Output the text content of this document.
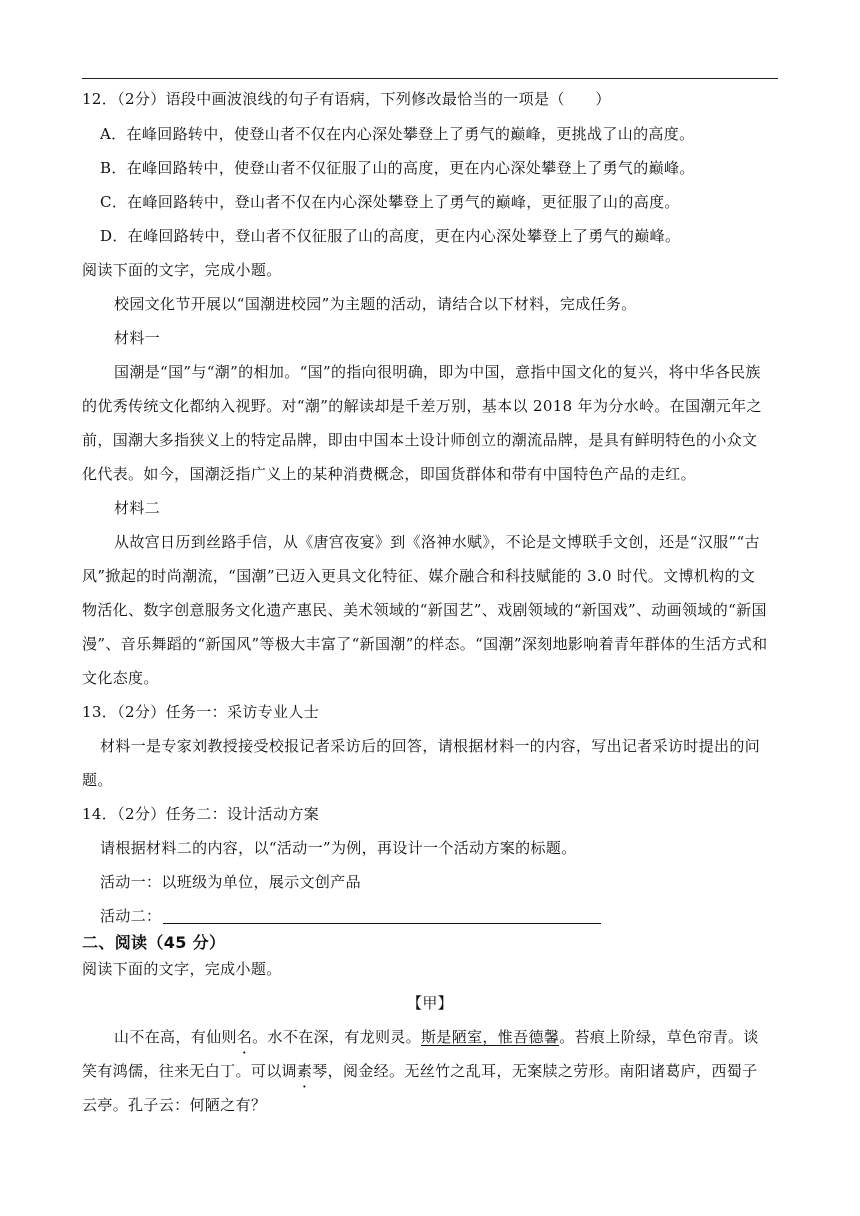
12．（2分）语段中画波浪线的句子有语病，下列修改最恰当的一项是（　　）
A．在峰回路转中，使登山者不仅在内心深处攀登上了勇气的巅峰，更挑战了山的高度。
B．在峰回路转中，使登山者不仅征服了山的高度，更在内心深处攀登上了勇气的巅峰。
C．在峰回路转中，登山者不仅在内心深处攀登上了勇气的巅峰，更征服了山的高度。
D．在峰回路转中，登山者不仅征服了山的高度，更在内心深处攀登上了勇气的巅峰。
阅读下面的文字，完成小题。
校园文化节开展以“国潮进校园”为主题的活动，请结合以下材料，完成任务。
材料一
国潮是“国”与“潮”的相加。“国”的指向很明确，即为中国，意指中国文化的复兴，将中华各民族
的优秀传统文化都纳入视野。对“潮”的解读却是千差万别，基本以 2018 年为分水岭。在国潮元年之
前，国潮大多指狭义上的特定品牌，即由中国本土设计师创立的潮流品牌，是具有鲜明特色的小众文
化代表。如今，国潮泛指广义上的某种消费概念，即国货群体和带有中国特色产品的走红。
材料二
从故宫日历到丝路手信，从《唐宫夜宴》到《洛神水赋》，不论是文博联手文创，还是“汉服”“古
风”掀起的时尚潮流，“国潮”已迈入更具文化特征、媒介融合和科技赋能的 3.0 时代。文博机构的文
物活化、数字创意服务文化遗产惠民、美术领域的“新国艺”、戏剧领域的“新国戏”、动画领域的“新国
漫”、音乐舞蹈的“新国风”等极大丰富了“新国潮”的样态。“国潮”深刻地影响着青年群体的生活方式和
文化态度。
13．（2分）任务一：采访专业人士
材料一是专家刘教授接受校报记者采访后的回答，请根据材料一的内容，写出记者采访时提出的问
题。
14．（2分）任务二：设计活动方案
请根据材料二的内容，以“活动一”为例，再设计一个活动方案的标题。
活动一：以班级为单位，展示文创产品
活动二：
二、阅读（45 分）
阅读下面的文字，完成小题。
【甲】
山不在高，有仙则名。水不在深，有龙则灵。斯是陋室，惟吾德馨。苔痕上阶绿，草色帘青。谈
笑有鸿儒，往来无白丁。可以调素琴，阅金经。无丝竹之乱耳，无案牍之劳形。南阳诸葛庐，西蜀子
云亭。孔子云：何陋之有？
